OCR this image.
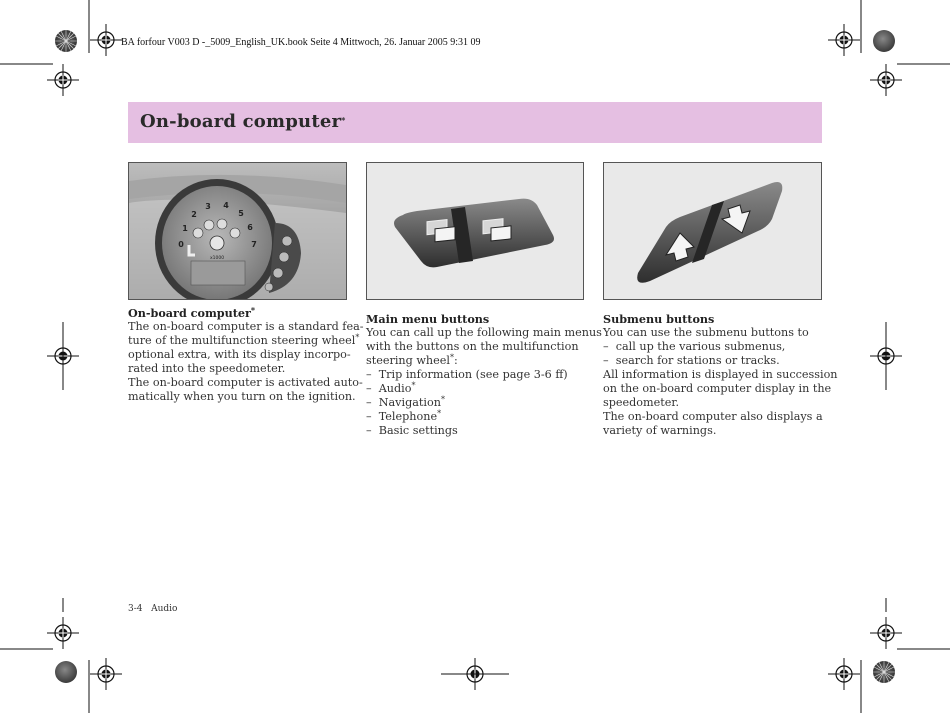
BA forfour V003 D -_5009_English_UK.book Seite 4 Mittwoch, 26. Januar 2005 9:31 09
On-board computer*
0
1
2
3 4
5
6
7
x1000
On-board computer*
The on-board computer is a standard fea-
ture of the multifunction steering wheel*
optional extra, with its display incorpo-
rated into the speedometer.
The on-board computer is activated auto-
matically when you turn on the ignition.
Main menu buttons
You can call up the following main menus
with the buttons on the multifunction
steering wheel*:
– Trip information (see page 3-6 ff)
– Audio*
– Navigation*
– Telephone*
– Basic settings
Submenu buttons
You can use the submenu buttons to
– call up the various submenus,
– search for stations or tracks.
All information is displayed in succession
on the on-board computer display in the
speedometer.
The on-board computer also displays a
variety of warnings.
3-4 Audio
